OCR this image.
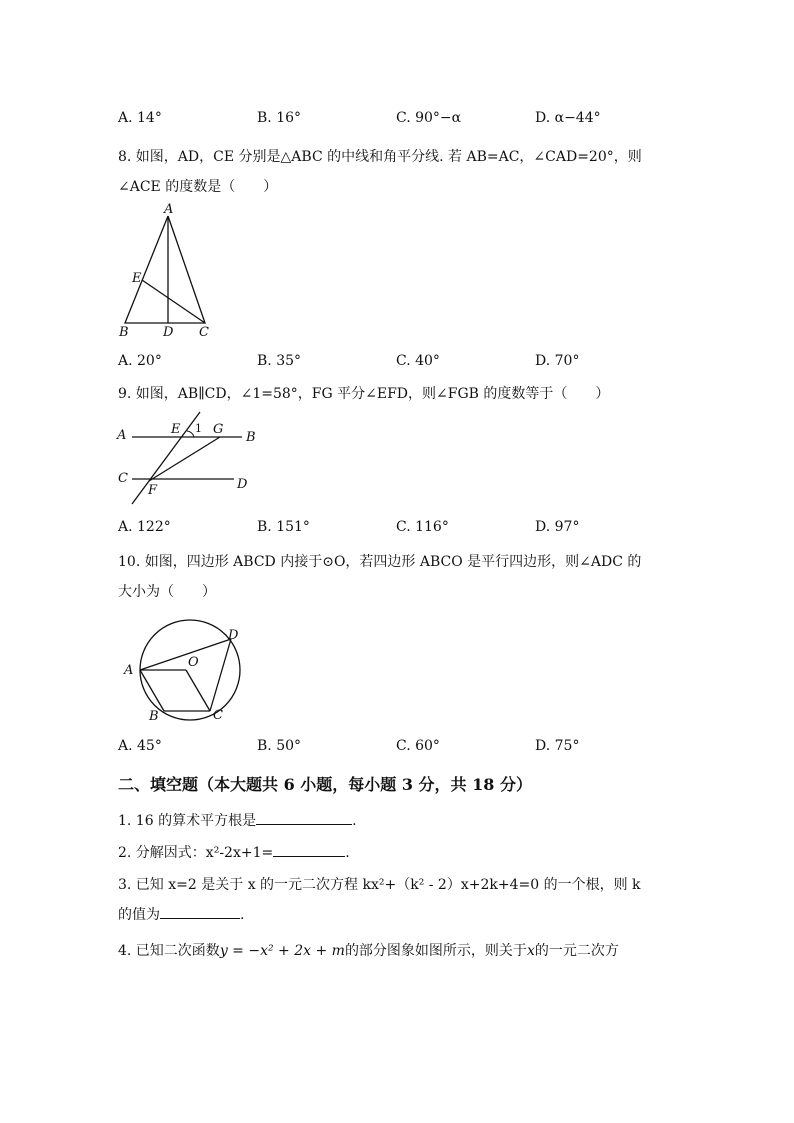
A. 14°	B. 16°	C. 90°−α	D. α−44°
8. 如图，AD，CE 分别是△ABC 的中线和角平分线. 若 AB=AC，∠CAD=20°，则
∠ACE 的度数是（　　）
A
E
B	D C
A. 20°	B. 35°	C. 40°	D. 70°
9. 如图，AB∥CD，∠1=58°，FG 平分∠EFD，则∠FGB 的度数等于（　　）
A	E 1 G
B
C
F	D
A. 122°	B. 151°	C. 116°	D. 97°
10. 如图，四边形 ABCD 内接于⊙O，若四边形 ABCO 是平行四边形，则∠ADC 的
大小为（　　）
D
A
O
B	C
A. 45°	B. 50°	C. 60°	D. 75°
二、填空题（本大题共 6 小题，每小题 3 分，共 18 分）
1. 16 的算术平方根是	.
2. 分解因式：x²-2x+1=	.
3. 已知 x=2 是关于 x 的一元二次方程 kx²+（k² - 2）x+2k+4=0 的一个根，则 k
的值为	.
4. 已知二次函数y = −x² + 2x + m的部分图象如图所示，则关于x的一元二次方
